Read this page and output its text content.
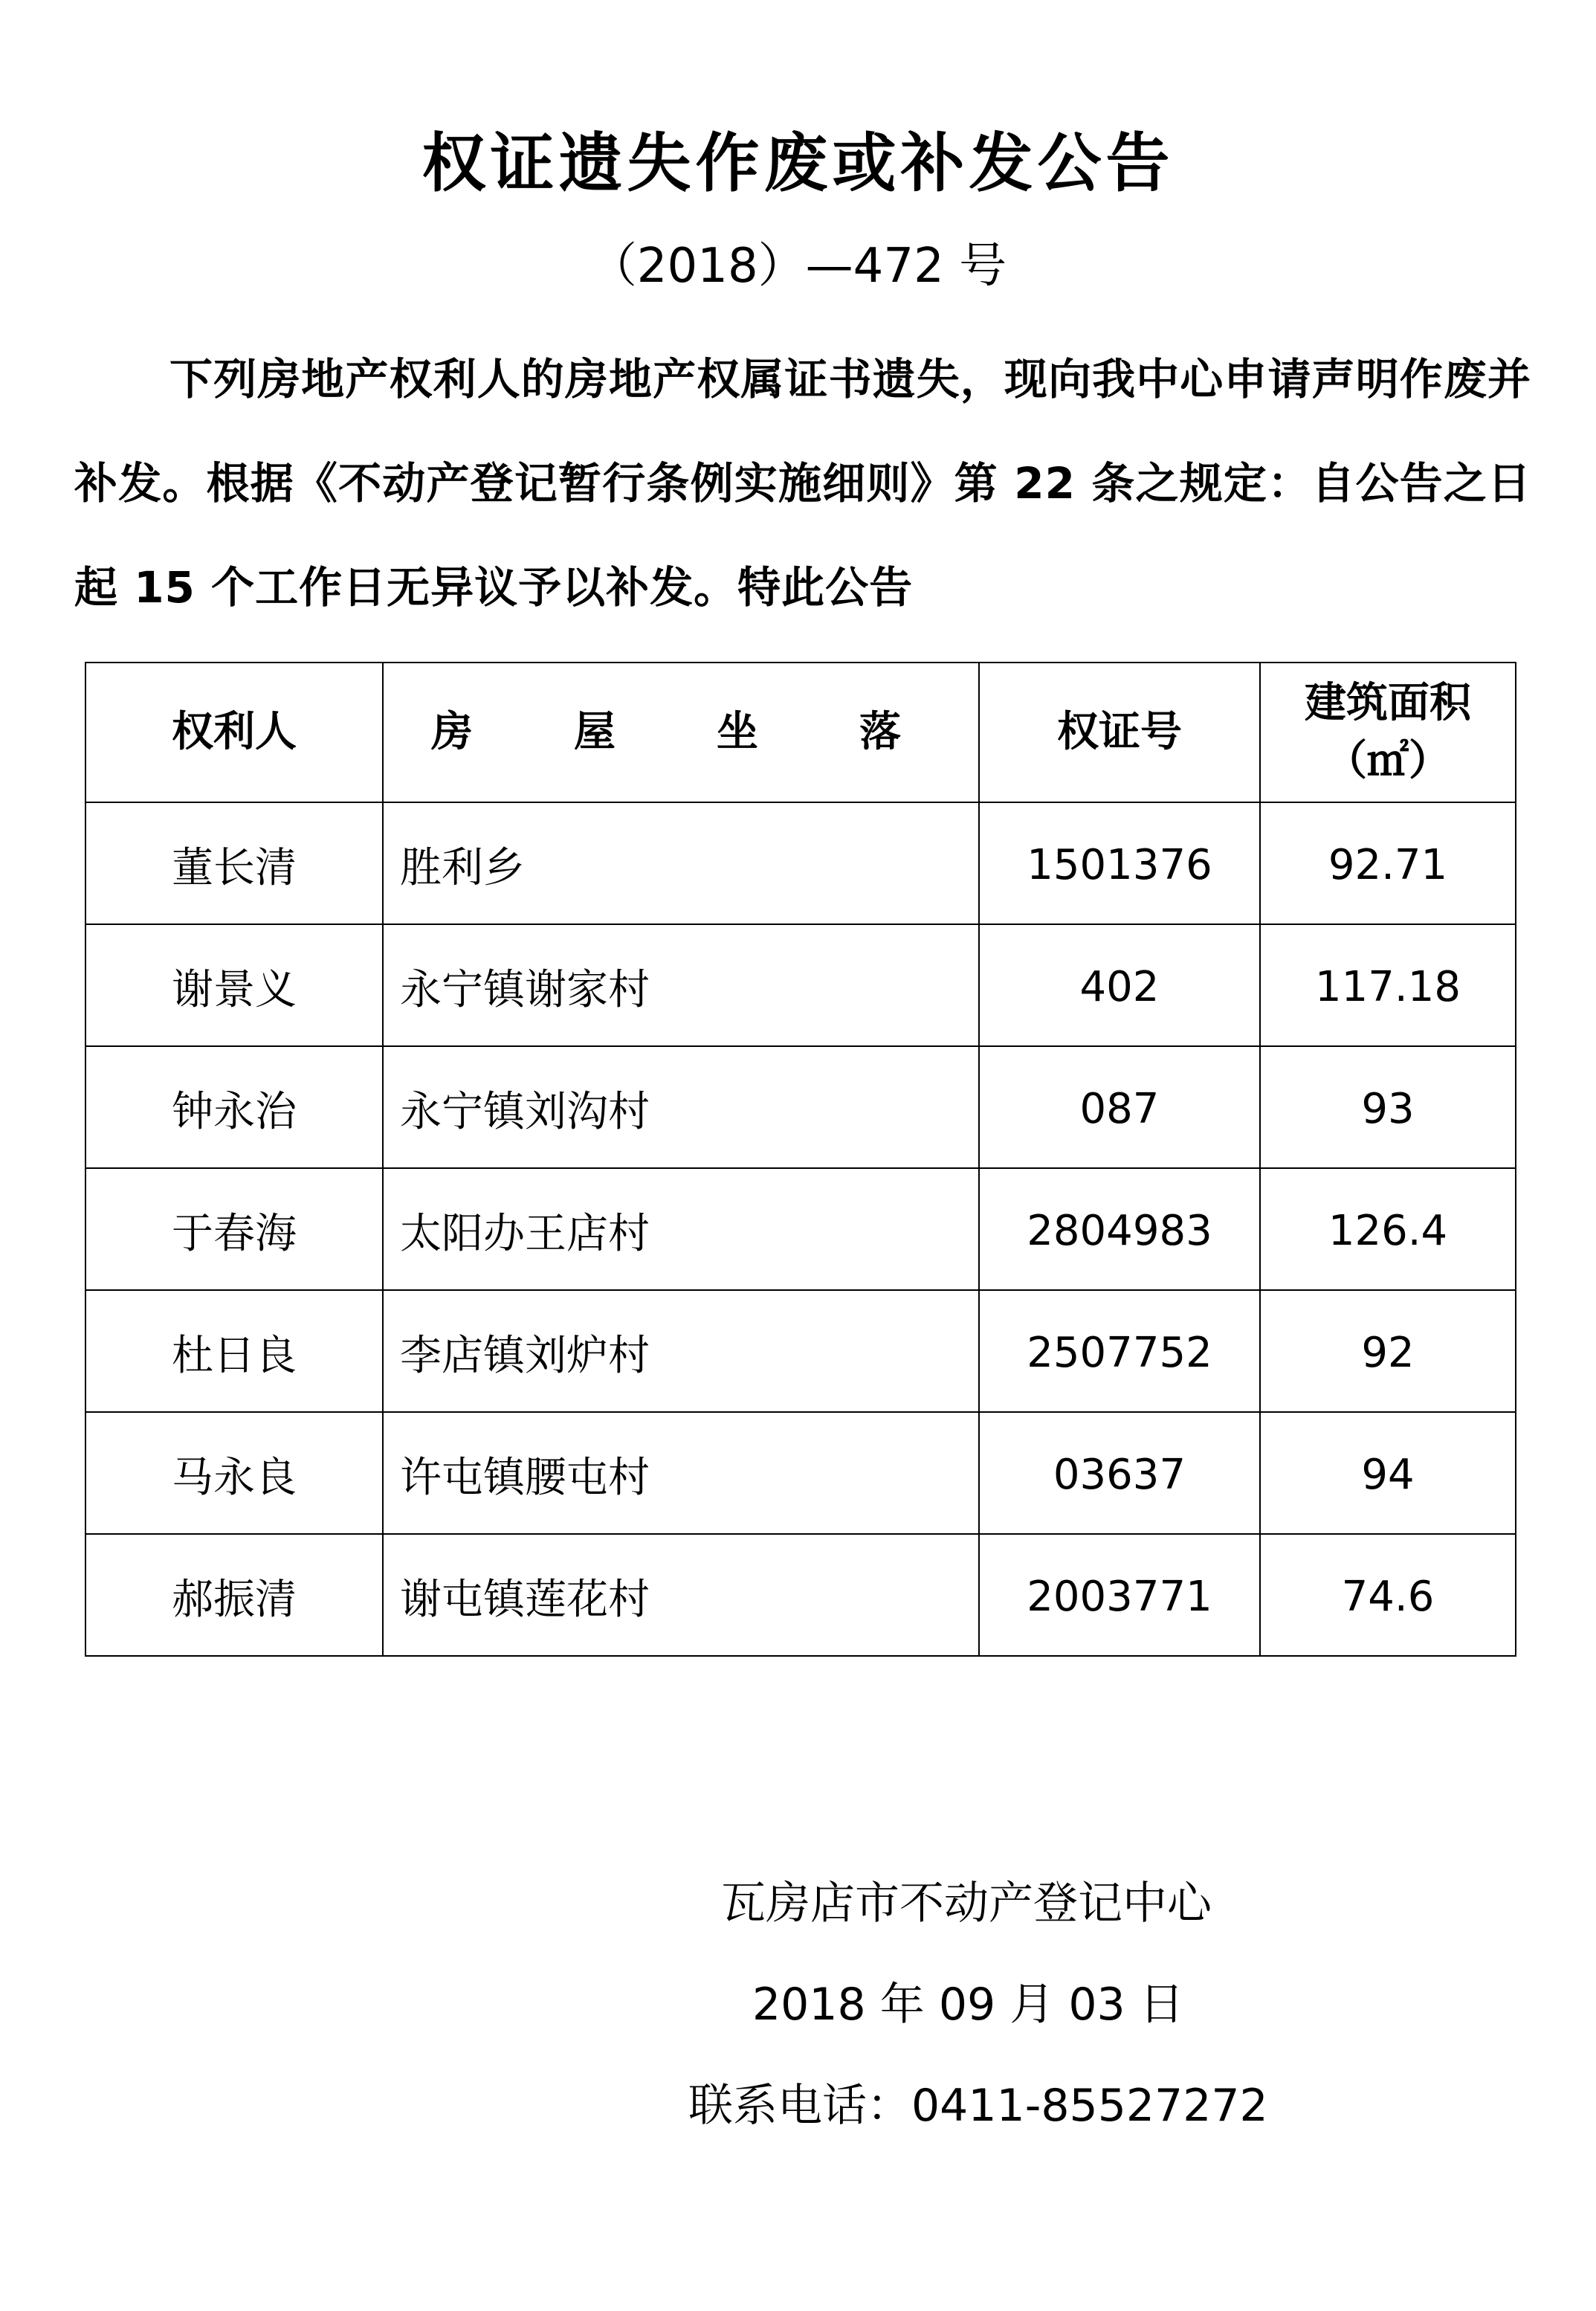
权证遗失作废或补发公告
（2018）—472 号

下列房地产权利人的房地产权属证书遗失，现向我中心申请声明作废并补发。根据《不动产登记暂行条例实施细则》第 22 条之规定：自公告之日起 15 个工作日无异议予以补发。特此公告

权利人	房　屋　坐　落	权证号	建筑面积
（㎡）

董长清	胜利乡	1501376	92.71
谢景义	永宁镇谢家村	402	117.18
钟永治	永宁镇刘沟村	087	93
于春海	太阳办王店村	2804983	126.4
杜日良	李店镇刘炉村	2507752	92
马永良	许屯镇腰屯村	03637	94
郝振清	谢屯镇莲花村	2003771	74.6
瓦房店市不动产登记中心
2018 年 09 月 03 日
联系电话：0411-85527272
